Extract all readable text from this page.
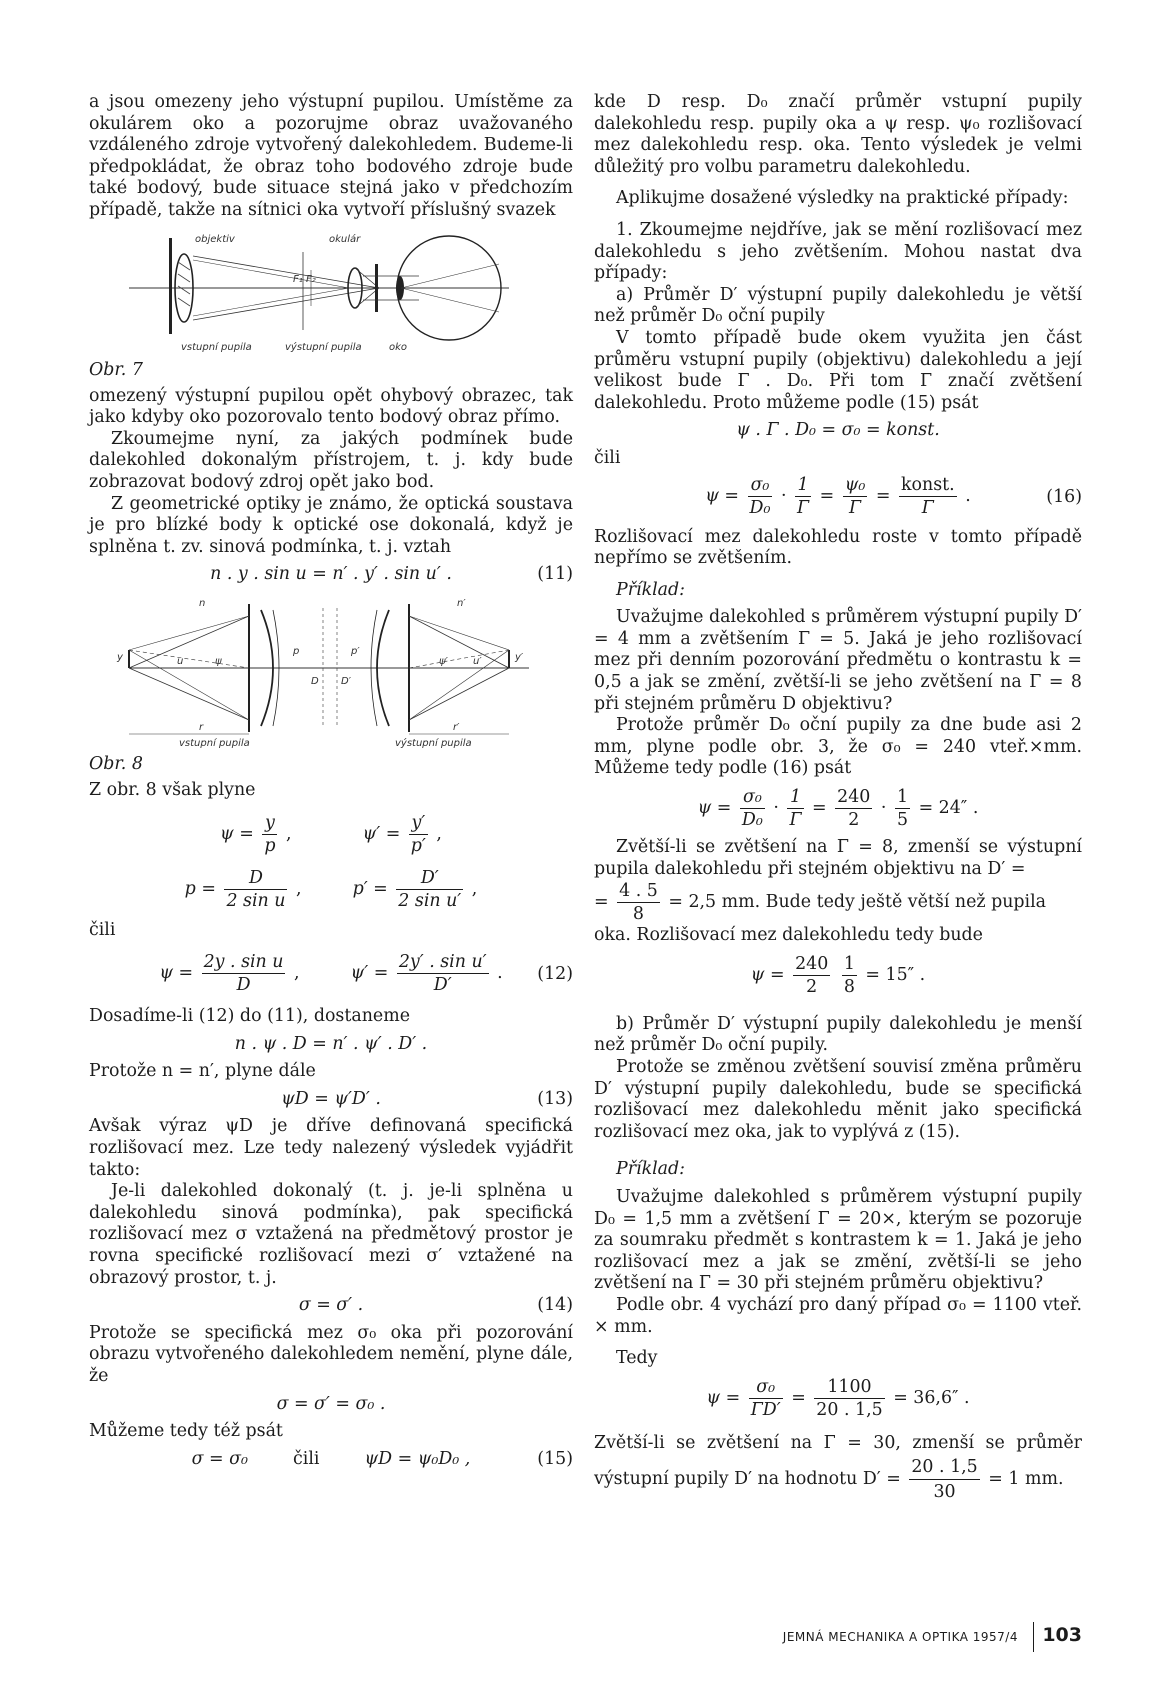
a jsou omezeny jeho výstupní pupilou. Umístěme za okulárem oko a pozorujme obraz uvažovaného vzdáleného zdroje vytvořený dalekohledem. Budeme-li předpokládat, že obraz toho bodového zdroje bude také bodový, bude situace stejná jako v předchozím případě, takže na sítnici oka vytvoří příslušný svazek

objektiv	okulár
F₁ F₂
vstupní pupila	výstupní pupila	oko

Obr. 7

omezený výstupní pupilou opět ohybový obrazec, tak jako kdyby oko pozorovalo tento bodový obraz přímo.

Zkoumejme nyní, za jakých podmínek bude dalekohled dokonalým přístrojem, t. j. kdy bude zobrazovat bodový zdroj opět jako bod.

Z geometrické optiky je známo, že optická soustava je pro blízké body k optické ose dokonalá, když je splněna t. zv. sinová podmínka, t. j. vztah

n . y . sin u = n′ . y′ . sin u′ .	(11)
n	n′
y	y′
u	u′
ψ	ψ′
p	p′
D D′
r	r′
vstupní pupila	výstupní pupila

Obr. 8

Z obr. 8 však plyne

$\psi = \frac{y}{p}$ ,	$\psi' = \frac{y'}{p'}$ ,
$p = \frac{D}{\text{2 sin u}}$ ,	$p' = \frac{D'}{\text{2 sin u′}}$ ,

čili

$\psi = \frac{\text{2y . sin u}}{D}$ ,	$\psi' = \frac{\text{2y′ . sin u′}}{D'}$ . (12)

Dosadíme-li (12) do (11), dostaneme

n . ψ . D = n′ . ψ′ . D′ .

Protože n = n′, plyne dále

ψD = ψ′D′ .	(13)

Avšak výraz ψD je dříve definovaná specifická rozlišovací mez. Lze tedy nalezený výsledek vyjádřit takto:

Je-li dalekohled dokonalý (t. j. je-li splněna u dalekohledu sinová podmínka), pak specifická rozlišovací mez σ vztažená na předmětový prostor je rovna specifické rozlišovací mezi σ′ vztažené na obrazový prostor, t. j.

σ = σ′ .	(14)

Protože se specifická mez σ₀ oka při pozorování obrazu vytvořeného dalekohledem nemění, plyne dále, že

σ = σ′ = σ₀ .

Můžeme tedy též psát

σ = σ₀	čili	ψD = ψ₀D₀ ,	(15)

kde D resp. D₀ značí průměr vstupní pupily dalekohledu resp. pupily oka a ψ resp. ψ₀ rozlišovací mez dalekohledu resp. oka. Tento výsledek je velmi důležitý pro volbu parametru dalekohledu.

Aplikujme dosažené výsledky na praktické případy:

1. Zkoumejme nejdříve, jak se mění rozlišovací mez dalekohledu s jeho zvětšením. Mohou nastat dva případy:

a) Průměr D′ výstupní pupily dalekohledu je větší než průměr D₀ oční pupily

V tomto případě bude okem využita jen část průměru vstupní pupily (objektivu) dalekohledu a její velikost bude Γ . D₀. Při tom Γ značí zvětšení dalekohledu. Proto můžeme podle (15) psát

ψ . Γ . D₀ = σ₀ = konst.

čili

$\psi = \frac{\text{σ₀}}{\text{D₀}} \cdot \frac{1}{\Gamma} = \frac{\text{ψ₀}}{\Gamma} = \frac{\text{konst.}}{\Gamma}$ .	(16)

Rozlišovací mez dalekohledu roste v tomto případě nepřímo se zvětšením.

Příklad:

Uvažujme dalekohled s průměrem výstupní pupily D′ = 4 mm a zvětšením Γ = 5. Jaká je jeho rozlišovací mez při denním pozorování předmětu o kontrastu k = 0,5 a jak se změní, zvětší-li se jeho zvětšení na Γ = 8 při stejném průměru D objektivu?

Protože průměr D₀ oční pupily za dne bude asi 2 mm, plyne podle obr. 3, že σ₀ = 240 vteř.×mm. Můžeme tedy podle (16) psát

$\psi = \frac{\text{σ₀}}{\text{D₀}} \cdot \frac{1}{\Gamma} = \frac{240}{2} \cdot \frac{1}{5} = 24''$ .

Zvětší-li se zvětšení na Γ = 8, zmenší se výstupní pupila dalekohledu při stejném objektivu na D′ =

= $\frac{4 . 5}{8} = 2,5$ mm. Bude tedy ještě větší než pupila

oka. Rozlišovací mez dalekohledu tedy bude

$\psi = \frac{240}{2}$
$\frac{1}{8} = 15''$ .

b) Průměr D′ výstupní pupily dalekohledu je menší než průměr D₀ oční pupily.

Protože se změnou zvětšení souvisí změna průměru D′ výstupní pupily dalekohledu, bude se specifická rozlišovací mez dalekohledu měnit jako specifická rozlišovací mez oka, jak to vyplývá z (15).

Příklad:

Uvažujme dalekohled s průměrem výstupní pupily D₀ = 1,5 mm a zvětšení Γ = 20×, kterým se pozoruje za soumraku předmět s kontrastem k = 1. Jaká je jeho rozlišovací mez a jak se změní, zvětší-li se jeho zvětšení na Γ = 30 při stejném průměru objektivu?

Podle obr. 4 vychází pro daný případ σ₀ = 1100 vteř. × mm.

Tedy

$\psi = \frac{\text{σ₀}}{\Gamma D'} = \frac{1100}{20 . 1,5} = 36,6''$ .

Zvětší-li se zvětšení na Γ = 30, zmenší se průměr výstupní pupily D′ na hodnotu $D' = \frac{20 . 1,5}{30} = 1$ mm.

JEMNÁ MECHANIKA A OPTIKA 1957/4 103
